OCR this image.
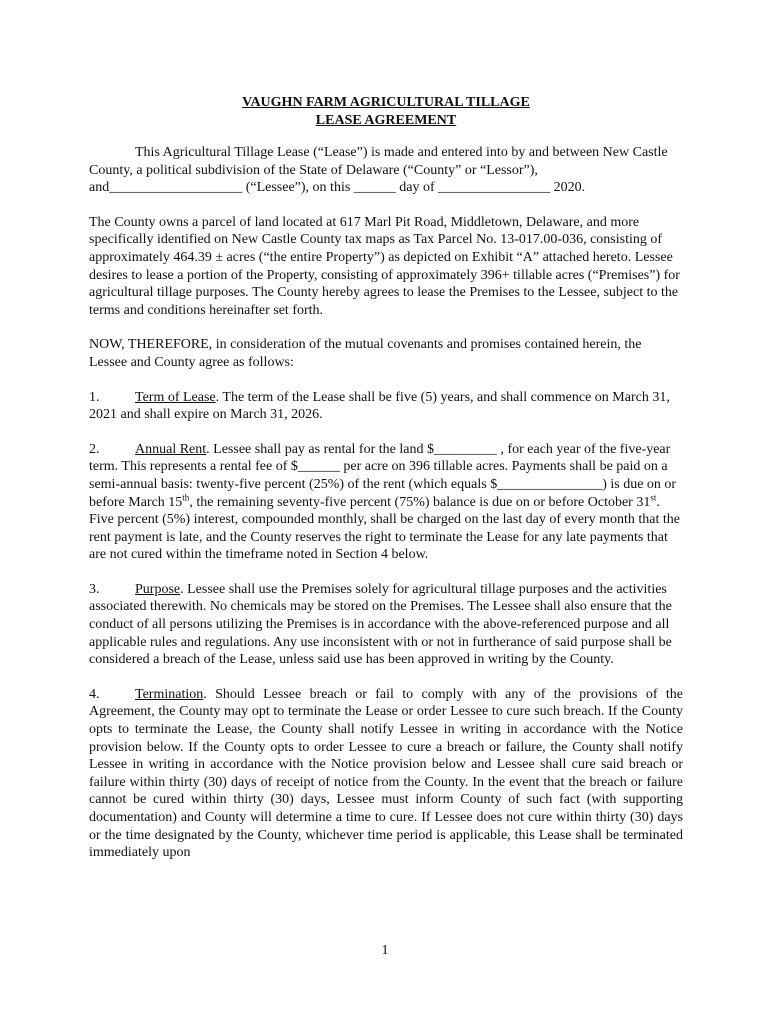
VAUGHN FARM AGRICULTURAL TILLAGE

LEASE AGREEMENT

This Agricultural Tillage Lease (“Lease”) is made and entered into by and between New Castle County, a political subdivision of the State of Delaware (“County” or “Lessor”), and___________________ (“Lessee”), on this ______ day of ________________ 2020.

The County owns a parcel of land located at 617 Marl Pit Road, Middletown, Delaware, and more specifically identified on New Castle County tax maps as Tax Parcel No. 13-017.00-036, consisting of approximately 464.39 ± acres (“the entire Property”) as depicted on Exhibit “A” attached hereto. Lessee desires to lease a portion of the Property, consisting of approximately 396+ tillable acres (“Premises”) for agricultural tillage purposes. The County hereby agrees to lease the Premises to the Lessee, subject to the terms and conditions hereinafter set forth.

NOW, THEREFORE, in consideration of the mutual covenants and promises contained herein, the Lessee and County agree as follows:

1.	Term of Lease. The term of the Lease shall be five (5) years, and shall commence on March 31, 2021 and shall expire on March 31, 2026.

2.	Annual Rent. Lessee shall pay as rental for the land $_________ , for each year of the five-year term. This represents a rental fee of $______ per acre on 396 tillable acres. Payments shall be paid on a semi-annual basis: twenty-five percent (25%) of the rent (which equals $_______________) is due on or before March 15th, the remaining seventy-five percent (75%) balance is due on or before October 31st. Five percent (5%) interest, compounded monthly, shall be charged on the last day of every month that the rent payment is late, and the County reserves the right to terminate the Lease for any late payments that are not cured within the timeframe noted in Section 4 below.

3.	Purpose. Lessee shall use the Premises solely for agricultural tillage purposes and the activities associated therewith. No chemicals may be stored on the Premises. The Lessee shall also ensure that the conduct of all persons utilizing the Premises is in accordance with the above-referenced purpose and all applicable rules and regulations. Any use inconsistent with or not in furtherance of said purpose shall be considered a breach of the Lease, unless said use has been approved in writing by the County.

4.	Termination. Should Lessee breach or fail to comply with any of the provisions of the Agreement, the County may opt to terminate the Lease or order Lessee to cure such breach. If the County opts to terminate the Lease, the County shall notify Lessee in writing in accordance with the Notice provision below. If the County opts to order Lessee to cure a breach or failure, the County shall notify Lessee in writing in accordance with the Notice provision below and Lessee shall cure said breach or failure within thirty (30) days of receipt of notice from the County. In the event that the breach or failure cannot be cured within thirty (30) days, Lessee must inform County of such fact (with supporting documentation) and County will determine a time to cure. If Lessee does not cure within thirty (30) days or the time designated by the County, whichever time period is applicable, this Lease shall be terminated immediately upon

1
